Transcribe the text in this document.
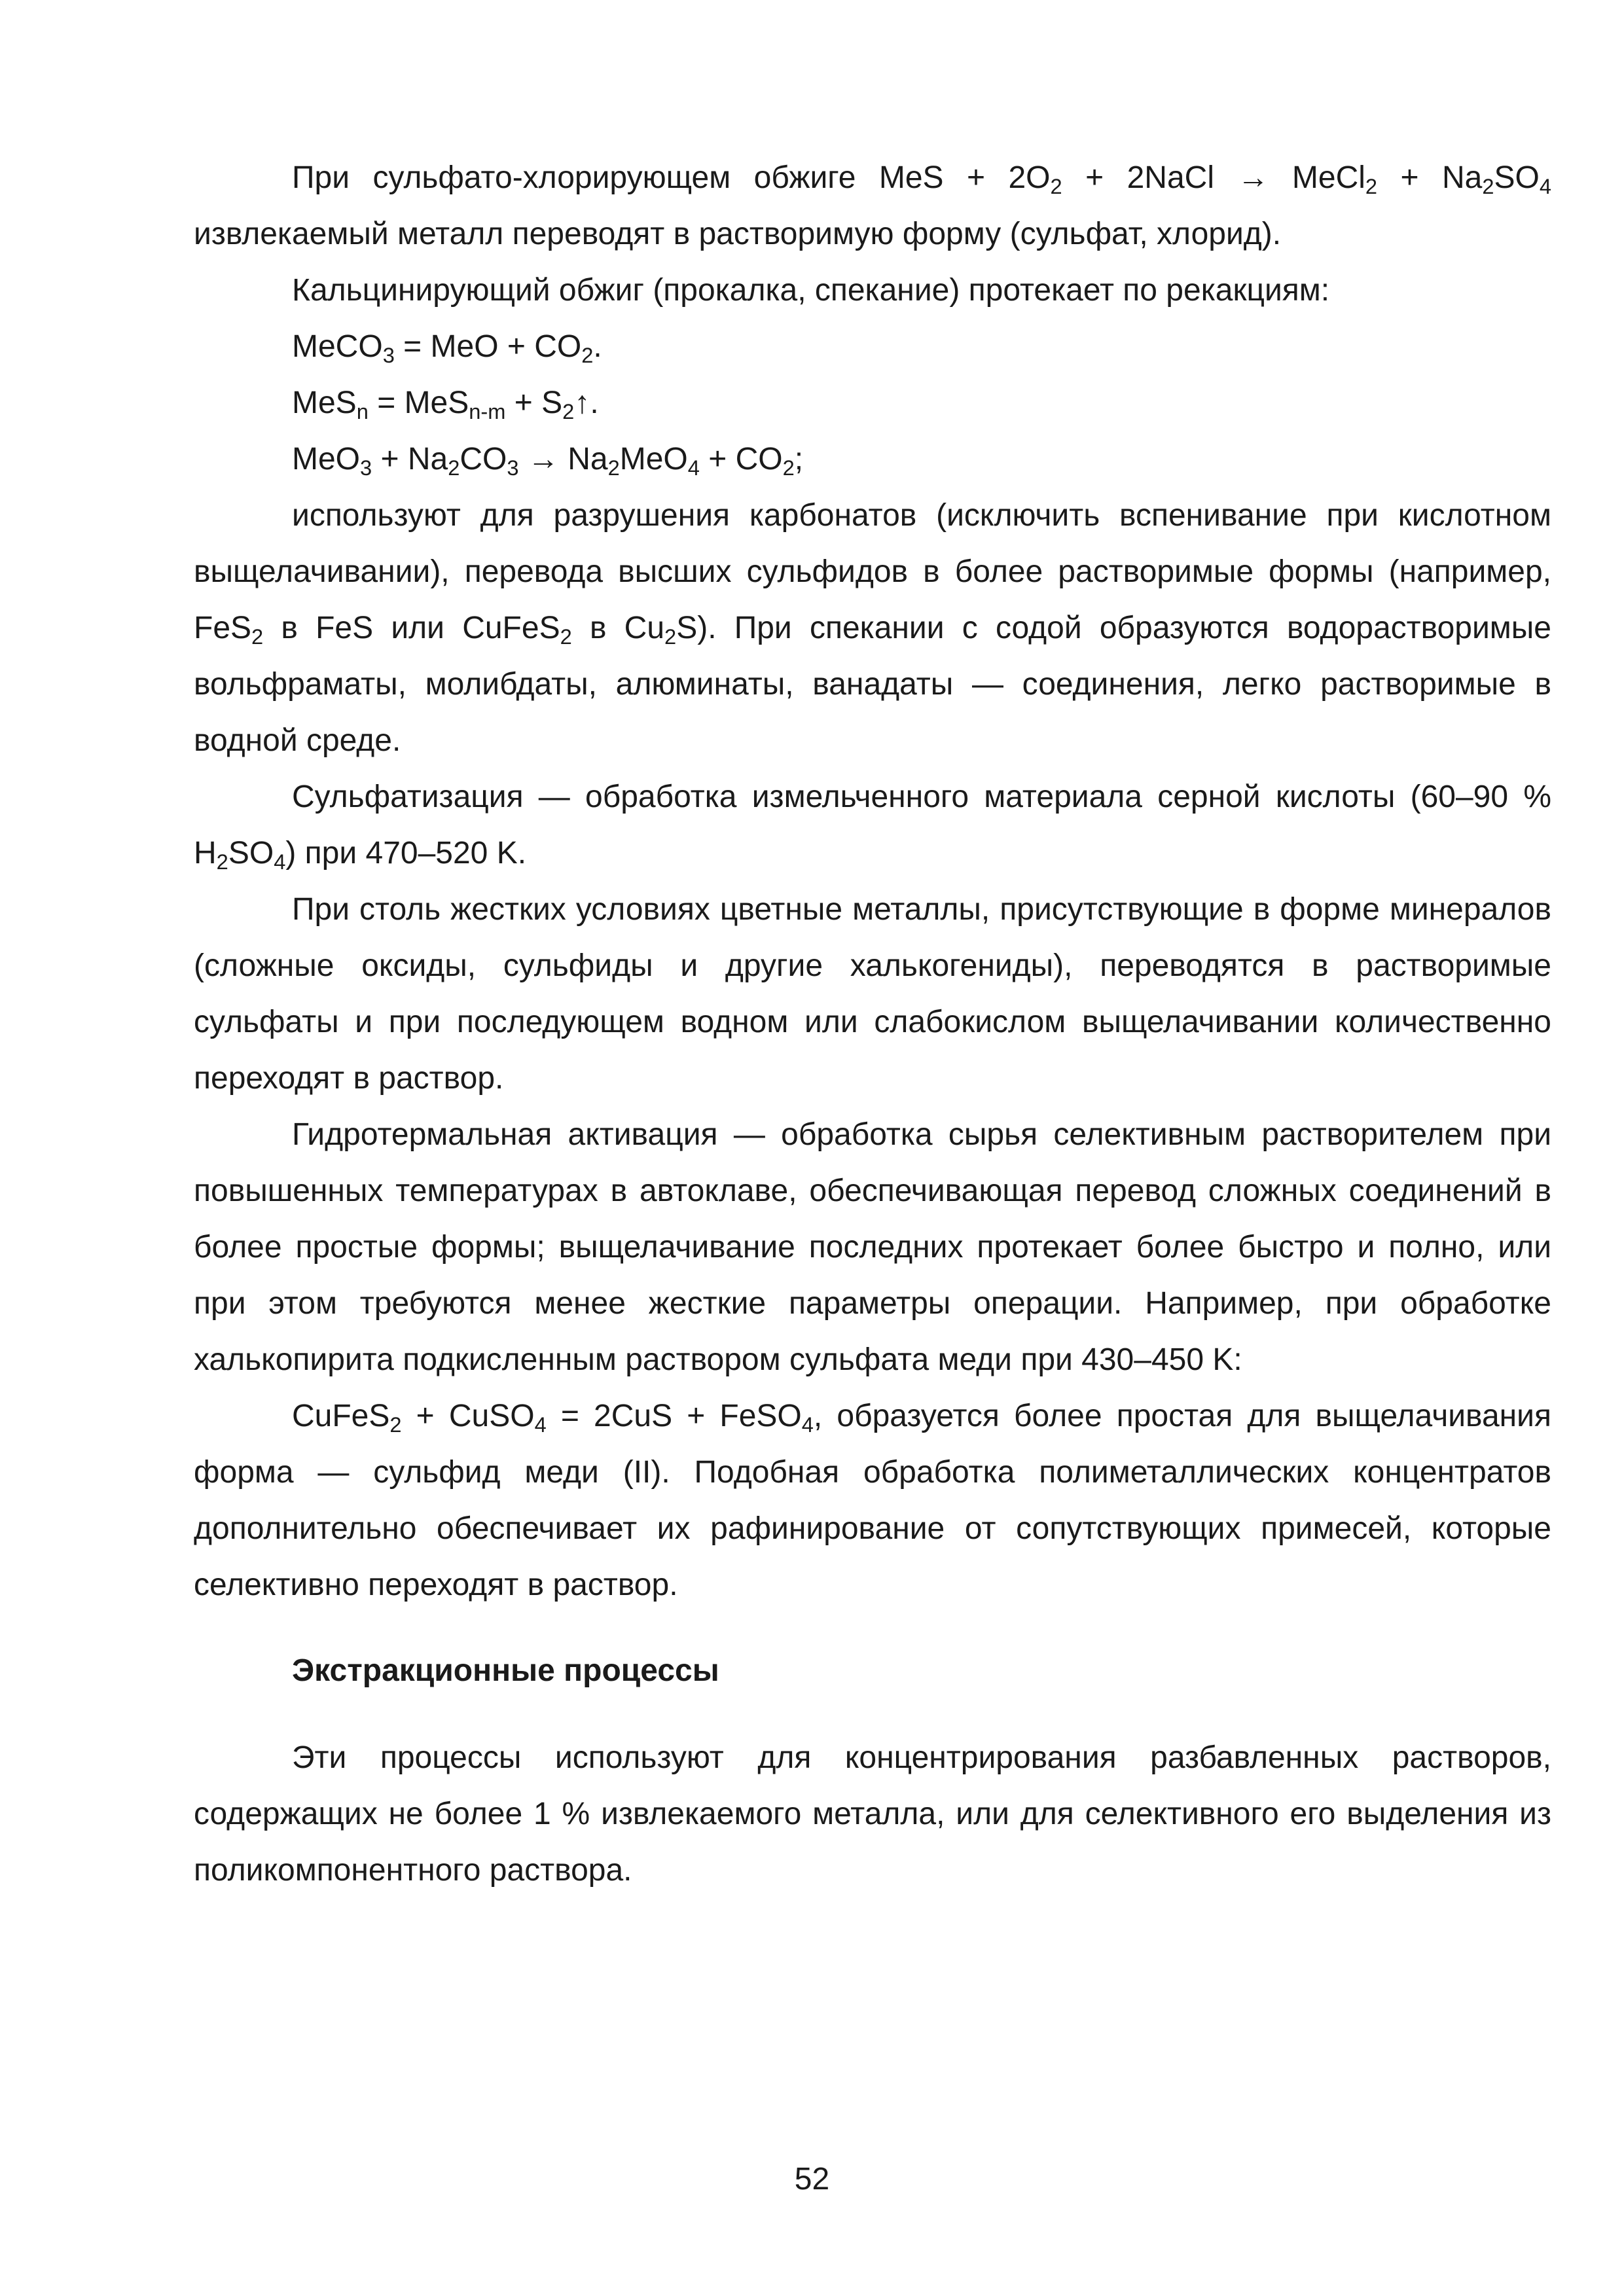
При сульфато-хлорирующем обжиге MeS + $2O_2$ + 2NaCl → MeCl$_2$ + $Na_2SO_4$ извлекаемый металл переводят в растворимую форму (сульфат, хлорид).

Кальцинирующий обжиг (прокалка, спекание) протекает по рекакциям:

MeCO$_3$ = MeO + $CO_2$.

$MeS_n = MeS_{n-m} + S_2↑$.

$MeO_3 + Na_2CO_3 \to Na_2MeO_4 + CO_2$;

используют для разрушения карбонатов (исключить вспенивание при кислотном выщелачивании), перевода высших сульфидов в более растворимые формы (например, FeS$_2$ в FeS или CuFeS$_2$ в $Cu_2S$). При спекании с содой образуются водорастворимые вольфраматы, молибдаты, алюминаты, ванадаты — соединения, легко растворимые в водной среде.

Сульфатизация — обработка измельченного материала серной кислоты (60–90 % $H_2SO_4$) при 470–520 K.

При столь жестких условиях цветные металлы, присутствующие в форме минералов (сложные оксиды, сульфиды и другие халькогениды), переводятся в растворимые сульфаты и при последующем водном или слабокислом выщелачивании количественно переходят в раствор.

Гидротермальная активация — обработка сырья селективным растворителем при повышенных температурах в автоклаве, обеспечивающая перевод сложных соединений в более простые формы; выщелачивание последних протекает более быстро и полно, или при этом требуются менее жесткие параметры операции. Например, при обработке халькопирита подкисленным раствором сульфата меди при 430–450 K:

CuFeS$_2$ + CuSO$_4$ = 2CuS + FeSO$_4$, образуется более простая для выщелачивания форма — сульфид меди (II). Подобная обработка полиметаллических концентратов дополнительно обеспечивает их рафинирование от сопутствующих примесей, которые селективно переходят в раствор.

Экстракционные процессы

Эти процессы используют для концентрирования разбавленных растворов, содержащих не более 1 % извлекаемого металла, или для селективного его выделения из поликомпонентного раствора.

52
